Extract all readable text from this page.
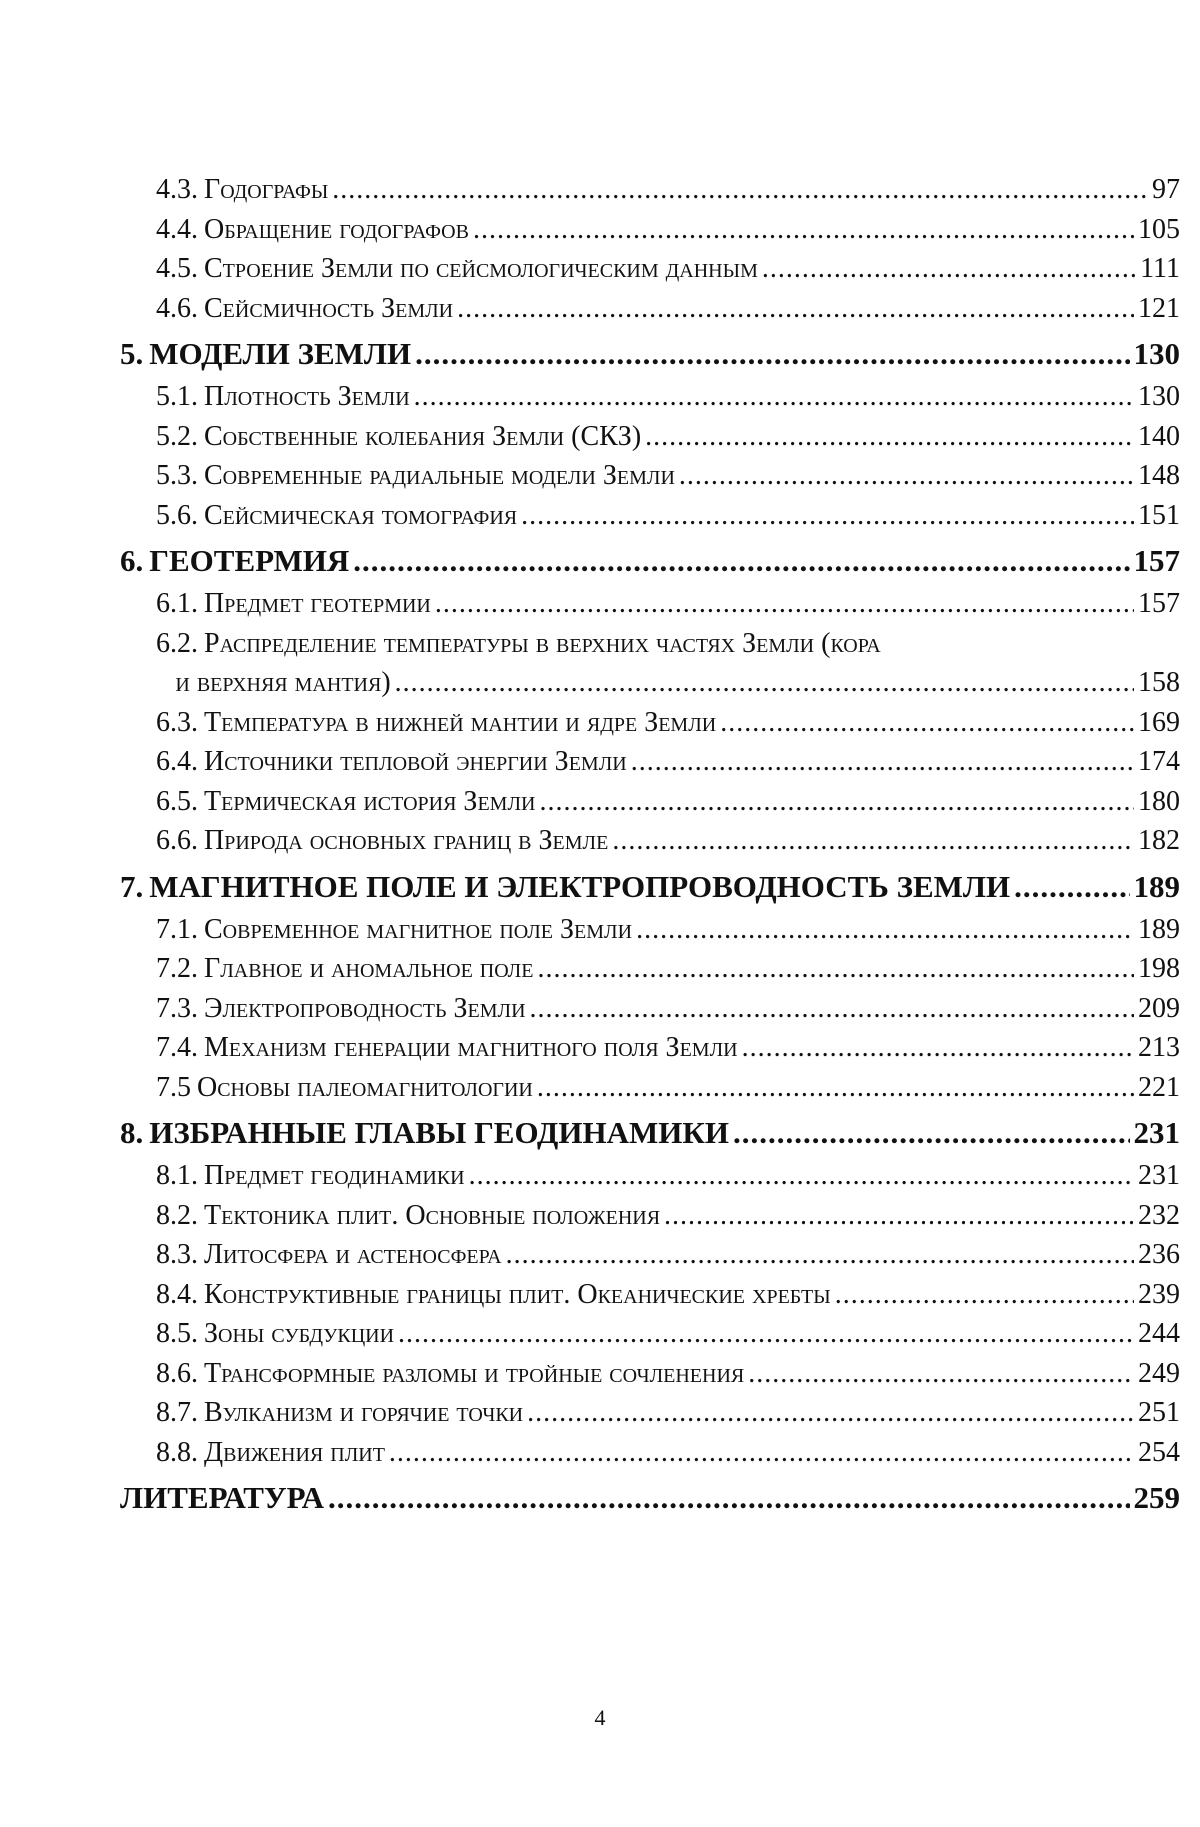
4.3. Годографы .....	97
4.4. Обращение годографов .....	105
4.5. Строение Земли по сейсмологическим данным .....	111
4.6. Сейсмичность Земли .....	121
5. МОДЕЛИ ЗЕМЛИ .....	130
5.1. Плотность Земли .....	130
5.2. Собственные колебания Земли (СКЗ) .....	140
5.3. Современные радиальные модели Земли .....	148
5.6. Сейсмическая томография .....	151
6. ГЕОТЕРМИЯ .....	157
6.1. Предмет геотермии .....	157
6.2. Распределение температуры в верхних частях Земли (кора
и верхняя мантия) .....	158
6.3. Температура в нижней мантии и ядре Земли .....	169
6.4. Источники тепловой энергии Земли .....	174
6.5. Термическая история Земли .....	180
6.6. Природа основных границ в Земле .....	182
7. МАГНИТНОЕ ПОЛЕ И ЭЛЕКТРОПРОВОДНОСТЬ ЗЕМЛИ .....	189
7.1. Современное магнитное поле Земли .....	189
7.2. Главное и аномальное поле .....	198
7.3. Электропроводность Земли .....	209
7.4. Механизм генерации магнитного поля Земли .....	213
7.5 Основы палеомагнитологии .....	221
8. ИЗБРАННЫЕ ГЛАВЫ ГЕОДИНАМИКИ .....	231
8.1. Предмет геодинамики .....	231
8.2. Тектоника плит. Основные положения .....	232
8.3. Литосфера и астеносфера .....	236
8.4. Конструктивные границы плит. Океанические хребты .....	239
8.5. Зоны субдукции .....	244
8.6. Трансформные разломы и тройные сочленения .....	249
8.7. Вулканизм и горячие точки .....	251
8.8. Движения плит .....	254
ЛИТЕРАТУРА .....	259
4
